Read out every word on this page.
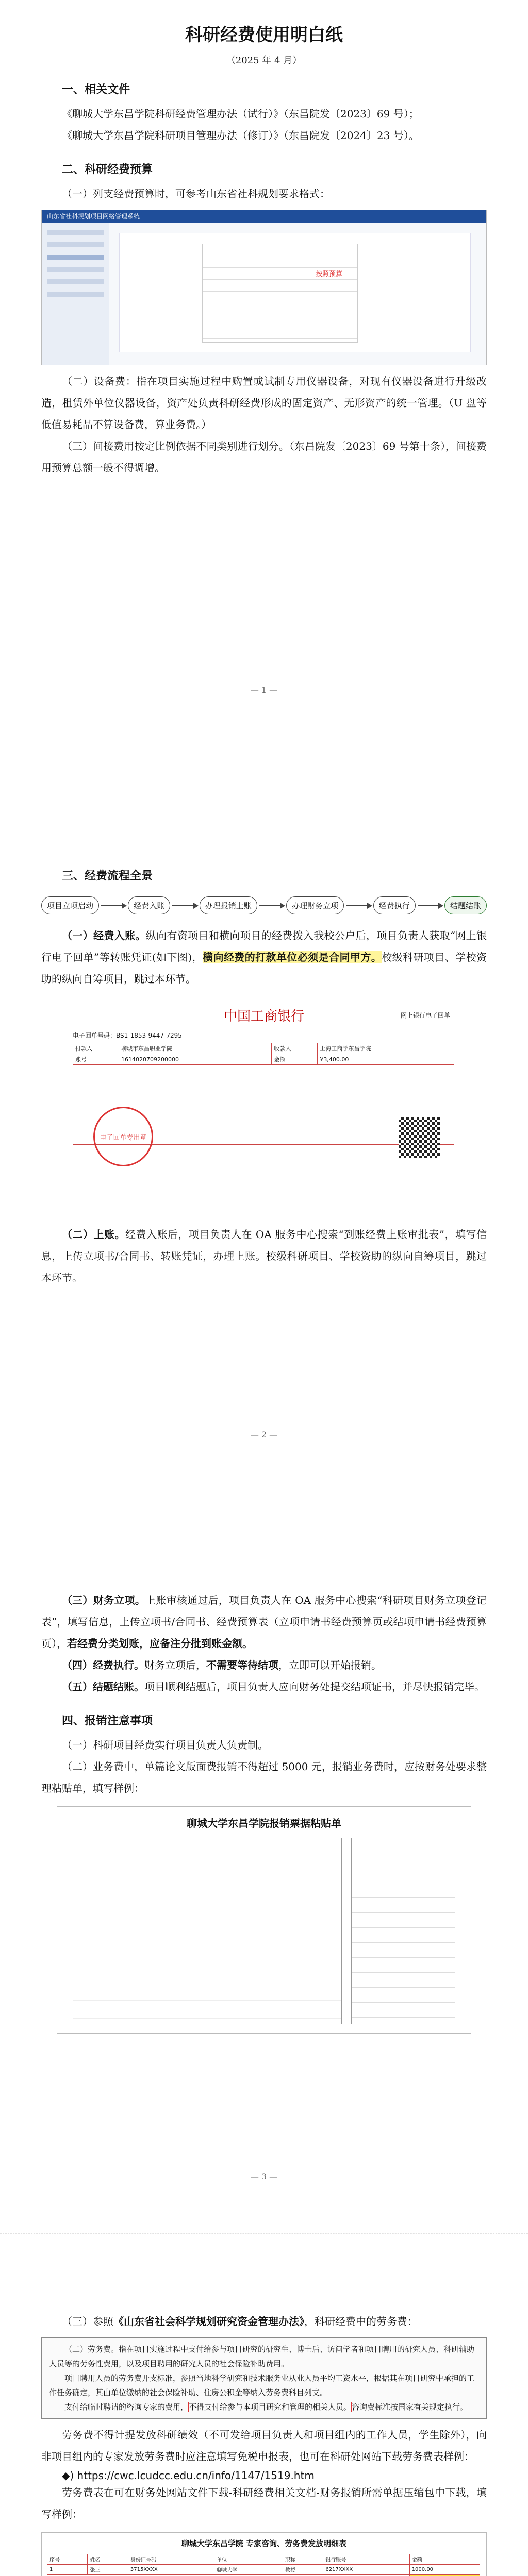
科研经费使用明白纸
（2025 年 4 月）
一、相关文件

《聊城大学东昌学院科研经费管理办法（试行）》（东昌院发〔2023〕69 号）；

《聊城大学东昌学院科研项目管理办法（修订）》（东昌院发〔2024〕23 号）。

二、科研经费预算

（一）列支经费预算时，可参考山东省社科规划要求格式：

山东省社科规划项目网络管理系统
按照预算

（二）设备费：指在项目实施过程中购置或试制专用仪器设备，对现有仪器设备进行升级改造，租赁外单位仪器设备，资产处负责科研经费形成的固定资产、无形资产的统一管理。（U 盘等低值易耗品不算设备费，算业务费。）

（三）间接费用按定比例依据不同类别进行划分。（东昌院发〔2023〕69 号第十条），间接费用预算总额一般不得调增。

— 1 —
三、经费流程全景
项目立项启动	经费入账	办理报销上账	办理财务立项	经费执行	结题结账

（一）经费入账。纵向有资项目和横向项目的经费拨入我校公户后，项目负责人获取“网上银行电子回单”等转账凭证(如下图)，横向经费的打款单位必须是合同甲方。校级科研项目、学校资助的纵向自筹项目，跳过本环节。

中国工商银行	网上银行电子回单
电子回单号码：BS1-1853-9447-7295
付款人	聊城市东昌职业学院	收款人	上海工商学东昌学院
账号	1614020709200000	金额	¥3,400.00

电子回单专用章

（二）上账。经费入账后，项目负责人在 OA 服务中心搜索“到账经费上账审批表”，填写信息，上传立项书/合同书、转账凭证，办理上账。校级科研项目、学校资助的纵向自筹项目，跳过本环节。

— 2 —

（三）财务立项。上账审核通过后，项目负责人在 OA 服务中心搜索“科研项目财务立项登记表”，填写信息，上传立项书/合同书、经费预算表（立项申请书经费预算页或结项申请书经费预算页），若经费分类划账，应备注分批到账金额。

（四）经费执行。财务立项后，不需要等待结项，立即可以开始报销。

（五）结题结账。项目顺利结题后，项目负责人应向财务处提交结项证书，并尽快报销完毕。

四、报销注意事项

（一）科研项目经费实行项目负责人负责制。

（二）业务费中，单篇论文版面费报销不得超过 5000 元，报销业务费时，应按财务处要求整理粘贴单，填写样例：

聊城大学东昌学院报销票据粘贴单
— 3 —

（三）参照《山东省社会科学规划研究资金管理办法》，科研经费中的劳务费：

（二）劳务费。指在项目实施过程中支付给参与项目研究的研究生、博士后、访问学者和项目聘用的研究人员、科研辅助人员等的劳务性费用，以及项目聘用的研究人员的社会保险补助费用。
项目聘用人员的劳务费开支标准，参照当地科学研究和技术服务业从业人员平均工资水平，根据其在项目研究中承担的工作任务确定，其由单位缴纳的社会保险补助、住房公积金等纳入劳务费科目列支。
支付给临时聘请的咨询专家的费用，不得支付给参与本项目研究和管理的相关人员。咨询费标准按国家有关规定执行。

劳务费不得计提发放科研绩效（不可发给项目负责人和项目组内的工作人员，学生除外），向非项目组内的专家发放劳务费时应注意填写免税申报表，也可在科研处网站下载劳务费表样例：

◆) https://cwc.lcudcc.edu.cn/info/1147/1519.htm

劳务费表在可在财务处网站文件下载-科研经费相关文档-财务报销所需单据压缩包中下载，填写样例：

聊城大学东昌学院 专家咨询、劳务费发放明细表
序号	姓名	身份证号码	单位	职称	银行账号	金额
1	张三	3715XXXX	聊城大学	教授	6217XXXX	1000.00
